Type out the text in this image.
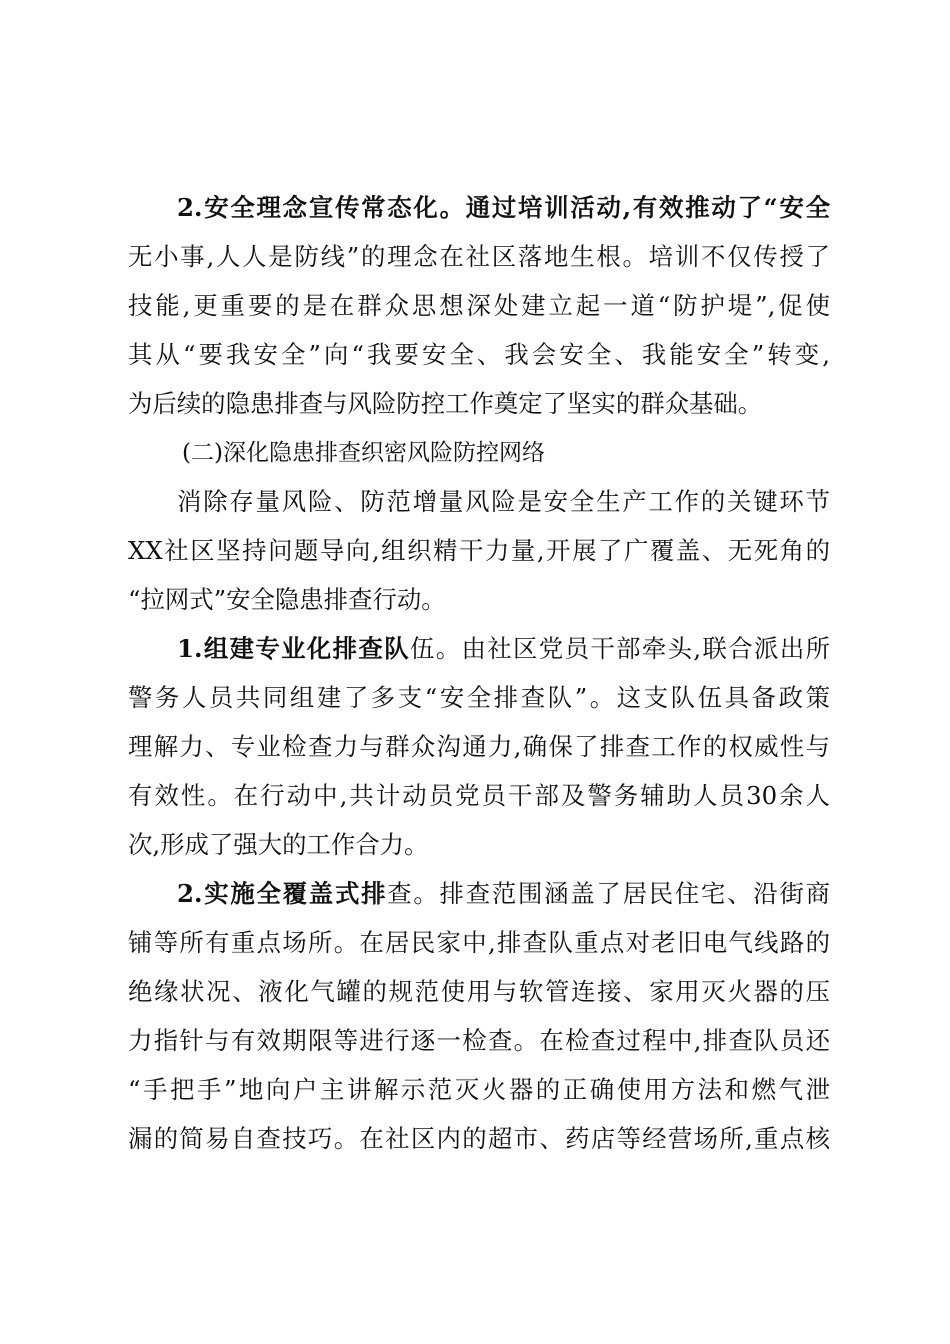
2.安全理念宣传常态化。通过培训活动,有效推动了“安全
无小事,人人是防线”的理念在社区落地生根。培训不仅传授了
技能,更重要的是在群众思想深处建立起一道“防护堤”,促使
其从“要我安全”向“我要安全、我会安全、我能安全”转变,
为后续的隐患排查与风险防控工作奠定了坚实的群众基础。
(二)深化隐患排查织密风险防控网络
消除存量风险、防范增量风险是安全生产工作的关键环节
XX社区坚持问题导向,组织精干力量,开展了广覆盖、无死角的
“拉网式”安全隐患排查行动。
1.组建专业化排查队伍。由社区党员干部牵头,联合派出所
警务人员共同组建了多支“安全排查队”。这支队伍具备政策
理解力、专业检查力与群众沟通力,确保了排查工作的权威性与
有效性。在行动中,共计动员党员干部及警务辅助人员30余人
次,形成了强大的工作合力。
2.实施全覆盖式排查。排查范围涵盖了居民住宅、沿街商
铺等所有重点场所。在居民家中,排查队重点对老旧电气线路的
绝缘状况、液化气罐的规范使用与软管连接、家用灭火器的压
力指针与有效期限等进行逐一检查。在检查过程中,排查队员还
“手把手”地向户主讲解示范灭火器的正确使用方法和燃气泄
漏的简易自查技巧。在社区内的超市、药店等经营场所,重点核
